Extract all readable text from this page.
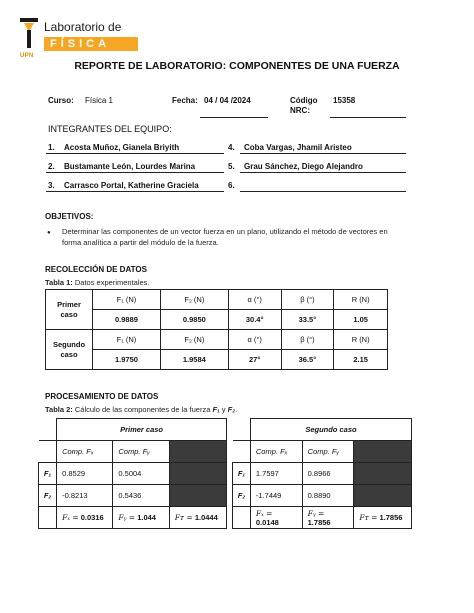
UPN
Laboratorio de
FÍSICA
REPORTE DE LABORATORIO: COMPONENTES DE UNA FUERZA
Curso: Física 1	Fecha: 04 / 04 /2024	Código
NRC:
15358
INTEGRANTES DEL EQUIPO:
1. Acosta Muñoz, Gianela Briyith
2. Bustamante León, Lourdes Marina
3. Carrasco Portal, Katherine Graciela
4. Coba Vargas, Jhamil Aristeo
5. Grau Sánchez, Diego Alejandro
6.
OBJETIVOS:
● Determinar las componentes de un vector fuerza en un plano, utilizando el método de vectores en
forma analítica a partir del módulo de la fuerza.
RECOLECCIÓN DE DATOS
Tabla 1: Datos experimentales.
Primer
caso	F₁ (N)	F₂ (N)	α (°)	β (°)	R (N)
	0.9889	0.9850	30.4°	33.5°	1.05
Segundo
caso	F₁ (N)	F₂ (N)	α (°)	β (°)	R (N)
	1.9750	1.9584	27°	36.5°	2.15
PROCESAMIENTO DE DATOS
Tabla 2: Cálculo de las componentes de la fuerza F₁ y F₂.
	Primer caso		
	Comp. Fₓ	Comp. Fᵧ	
F₁	0.8529	0.5004	
F₂	-0.8213	0.5436	
	Fₓ = 0.0316	Fᵧ = 1.044	Fᴛ = 1.0444
	Segundo caso		
	Comp. Fₓ	Comp. Fᵧ	
F₁	1.7597	0.8966	
F₂	-1.7449	0.8890	
	Fₓ = 0.0148	Fᵧ = 1.7856	Fᴛ = 1.7856
